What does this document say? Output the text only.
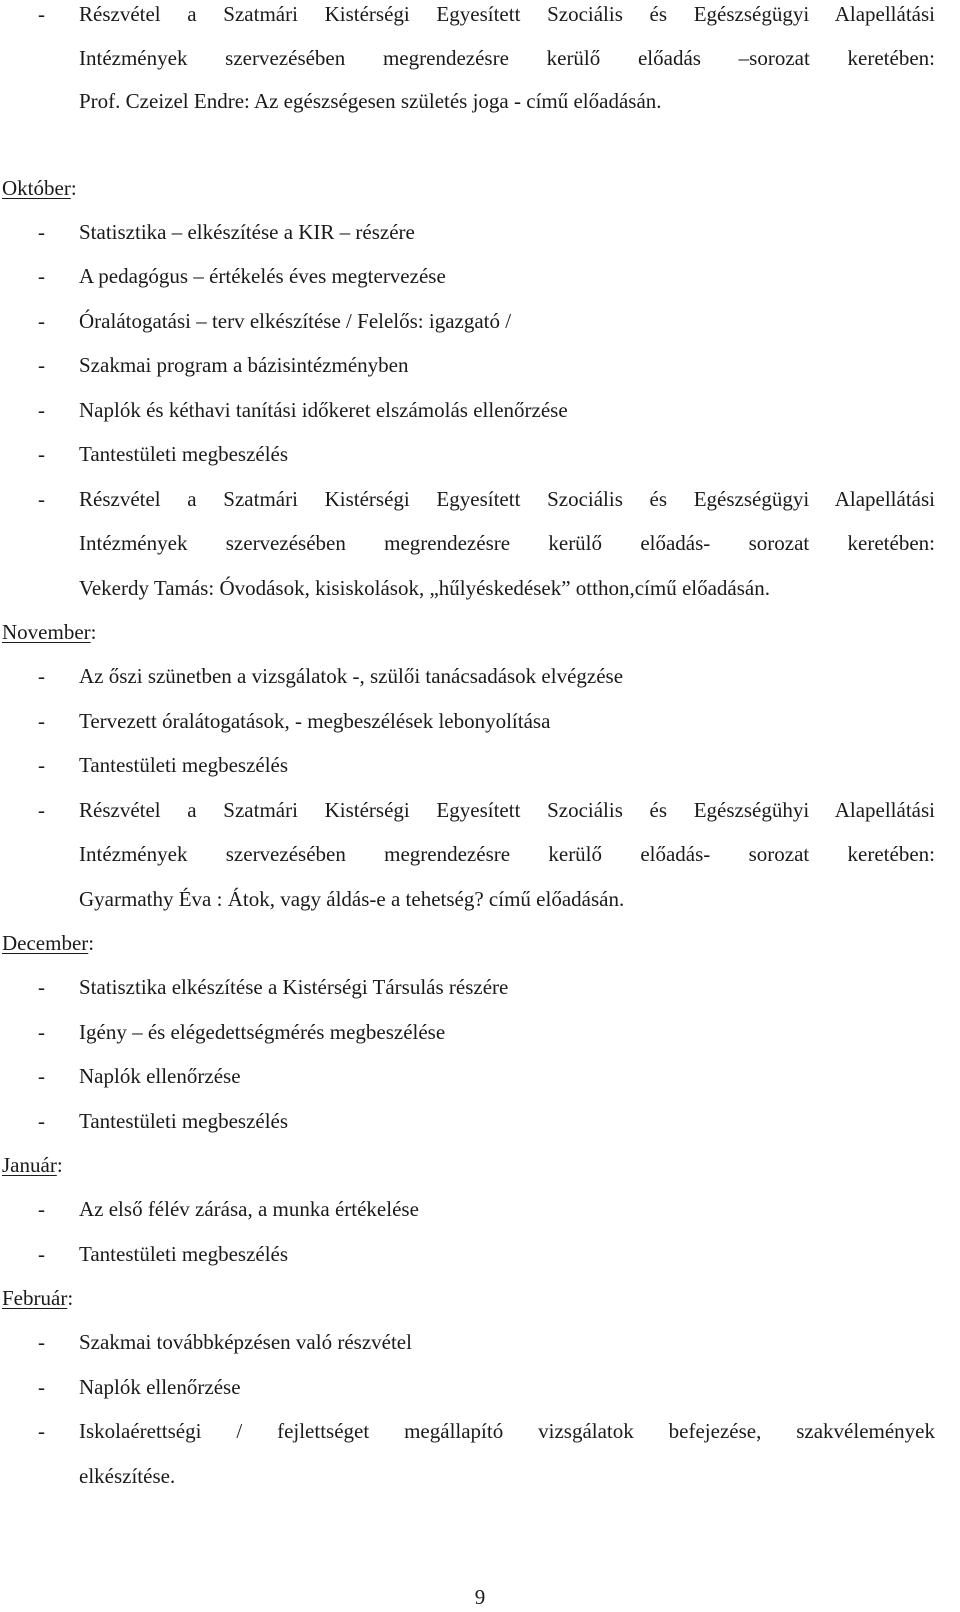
- Részvétel a Szatmári Kistérségi Egyesített Szociális és Egészségügyi Alapellátási
Intézmények szervezésében megrendezésre kerülő előadás –sorozat keretében:
Prof. Czeizel Endre: Az egészségesen születés joga - című előadásán.
Október:
- Statisztika – elkészítése a KIR – részére
- A pedagógus – értékelés éves megtervezése
- Óralátogatási – terv elkészítése / Felelős: igazgató /
- Szakmai program a bázisintézményben
- Naplók és kéthavi tanítási időkeret elszámolás ellenőrzése
- Tantestületi megbeszélés
- Részvétel a Szatmári Kistérségi Egyesített Szociális és Egészségügyi Alapellátási
Intézmények szervezésében megrendezésre kerülő előadás- sorozat keretében:
Vekerdy Tamás: Óvodások, kisiskolások, „hűlyéskedések” otthon,című előadásán.
November:
- Az őszi szünetben a vizsgálatok -, szülői tanácsadások elvégzése
- Tervezett óralátogatások, - megbeszélések lebonyolítása
- Tantestületi megbeszélés
- Részvétel a Szatmári Kistérségi Egyesített Szociális és Egészségühyi Alapellátási
Intézmények szervezésében megrendezésre kerülő előadás- sorozat keretében:
Gyarmathy Éva : Átok, vagy áldás-e a tehetség? című előadásán.
December:
- Statisztika elkészítése a Kistérségi Társulás részére
- Igény – és elégedettségmérés megbeszélése
- Naplók ellenőrzése
- Tantestületi megbeszélés
Január:
- Az első félév zárása, a munka értékelése
- Tantestületi megbeszélés
Február:
- Szakmai továbbképzésen való részvétel
- Naplók ellenőrzése
- Iskolaérettségi / fejlettséget megállapító vizsgálatok befejezése, szakvélemények
elkészítése.
9
